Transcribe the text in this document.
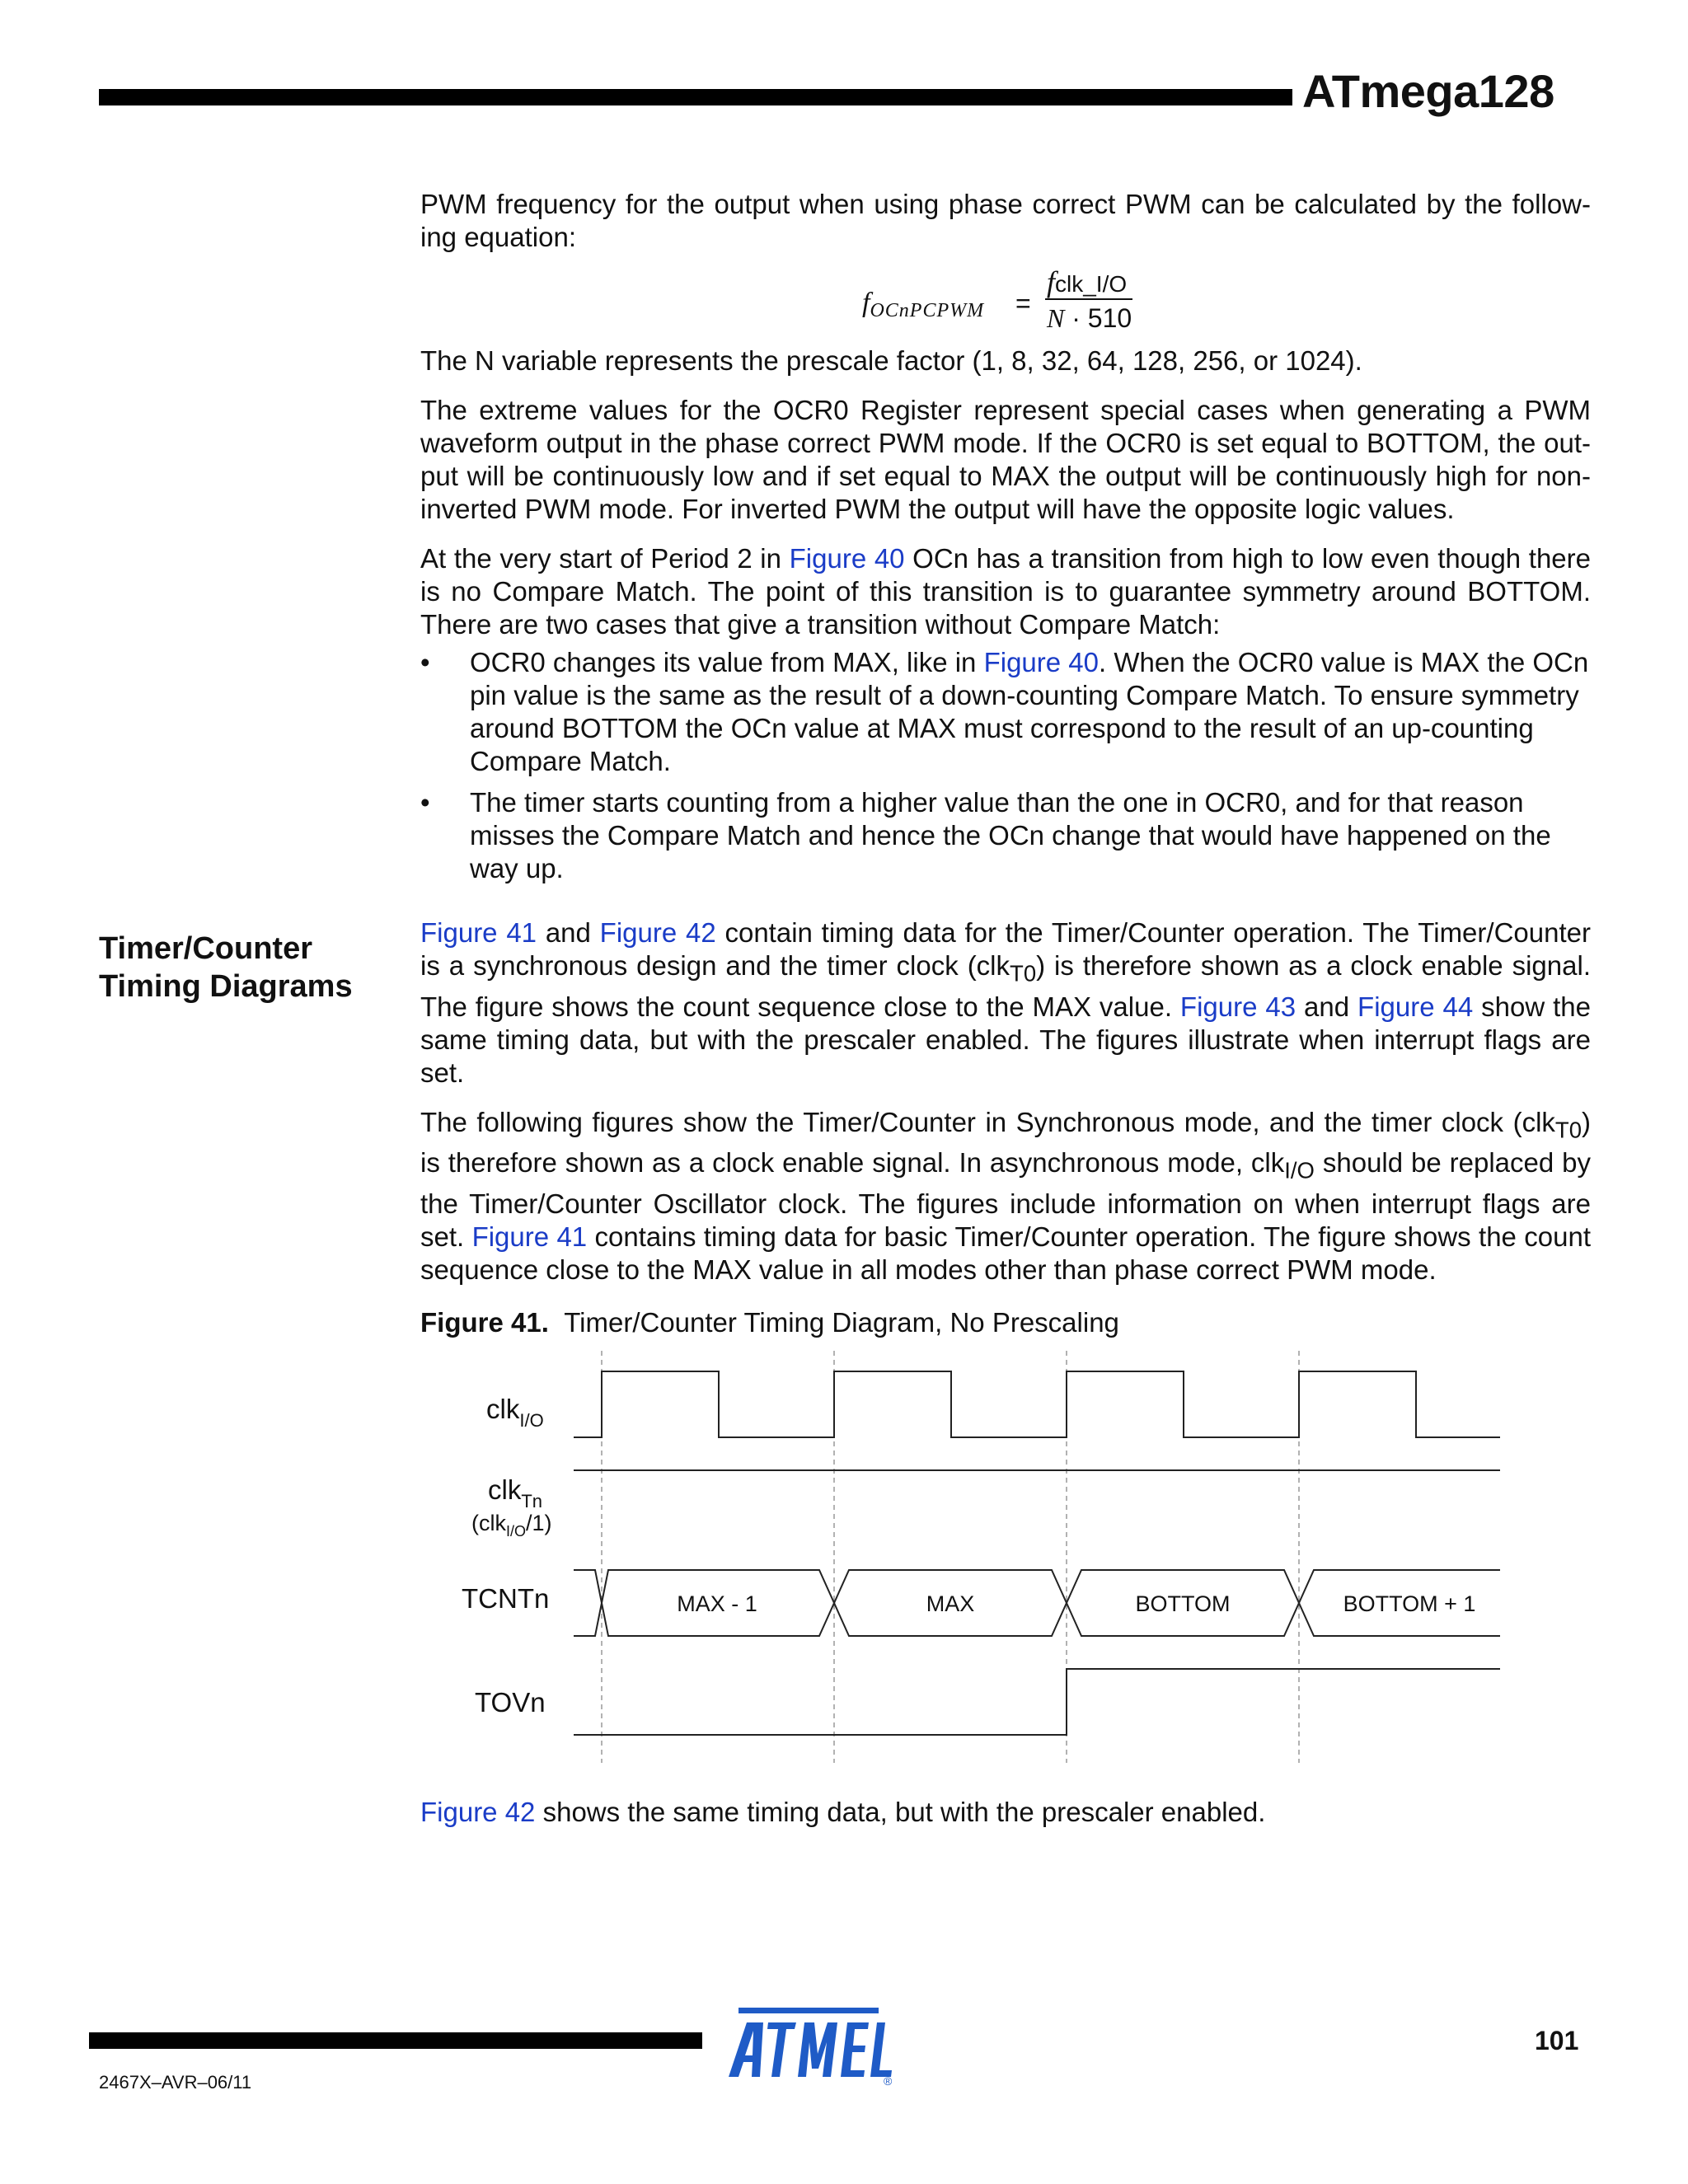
ATmega128
Timer/Counter
Timing Diagrams

PWM frequency for the output when using phase correct PWM can be calculated by the follow-ing equation:

$f_{OCnPCPWM}$ =
fclk_I/O
N · 510

The N variable represents the prescale factor (1, 8, 32, 64, 128, 256, or 1024).

The extreme values for the OCR0 Register represent special cases when generating a PWM waveform output in the phase correct PWM mode. If the OCR0 is set equal to BOTTOM, the out-put will be continuously low and if set equal to MAX the output will be continuously high for non-inverted PWM mode. For inverted PWM the output will have the opposite logic values.

At the very start of Period 2 in Figure 40 OCn has a transition from high to low even though there is no Compare Match. The point of this transition is to guarantee symmetry around BOTTOM. There are two cases that give a transition without Compare Match:

• OCR0 changes its value from MAX, like in Figure 40. When the OCR0 value is MAX the OCn pin value is the same as the result of a down-counting Compare Match. To ensure symmetry around BOTTOM the OCn value at MAX must correspond to the result of an up-counting Compare Match.
• The timer starts counting from a higher value than the one in OCR0, and for that reason misses the Compare Match and hence the OCn change that would have happened on the way up.

Figure 41 and Figure 42 contain timing data for the Timer/Counter operation. The Timer/Counter is a synchronous design and the timer clock (clk$_{T0}$) is therefore shown as a clock enable signal. The figure shows the count sequence close to the MAX value. Figure 43 and Figure 44 show the same timing data, but with the prescaler enabled. The figures illustrate when interrupt flags are set.

The following figures show the Timer/Counter in Synchronous mode, and the timer clock (clk$_{T0}$) is therefore shown as a clock enable signal. In asynchronous mode, clk$_{I/O}$ should be replaced by the Timer/Counter Oscillator clock. The figures include information on when interrupt flags are set. Figure 41 contains timing data for basic Timer/Counter operation. The figure shows the count sequence close to the MAX value in all modes other than phase correct PWM mode.

Figure 41. Timer/Counter Timing Diagram, No Prescaling

clk$_{I/O}$
clk$_{Tn}$
(clk$_{I/O}$/1)
TCNTn	MAX - 1	MAX	BOTTOM	BOTTOM + 1
TOVn

Figure 42 shows the same timing data, but with the prescaler enabled.

®
101
2467X–AVR–06/11
